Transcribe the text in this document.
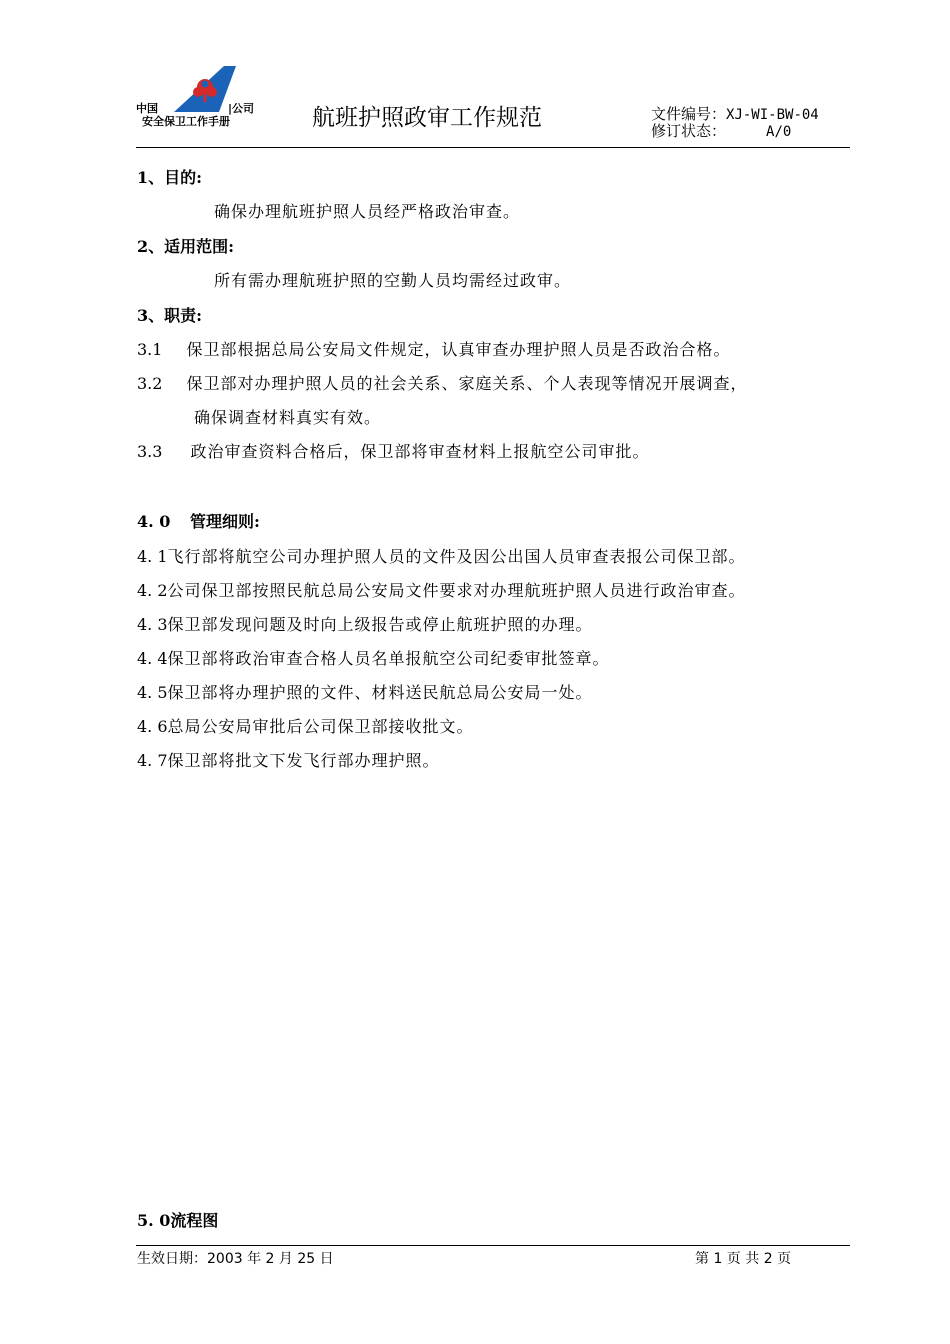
中国	|公司
安全保卫工作手册	航班护照政审工作规范	文件编号：XJ-WI-BW-04
修订状态：	A/0
1、目的:
确保办理航班护照人员经严格政治审查。
2、适用范围:
所有需办理航班护照的空勤人员均需经过政审。
3、职责:
3.1 保卫部根据总局公安局文件规定，认真审查办理护照人员是否政治合格。
3.2 保卫部对办理护照人员的社会关系、家庭关系、个人表现等情况开展调查，
确保调查材料真实有效。
3.3 政治审查资料合格后，保卫部将审查材料上报航空公司审批。
4. 0 管理细则:
4. 1飞行部将航空公司办理护照人员的文件及因公出国人员审查表报公司保卫部。
4. 2公司保卫部按照民航总局公安局文件要求对办理航班护照人员进行政治审查。
4. 3保卫部发现问题及时向上级报告或停止航班护照的办理。
4. 4保卫部将政治审查合格人员名单报航空公司纪委审批签章。
4. 5保卫部将办理护照的文件、材料送民航总局公安局一处。
4. 6总局公安局审批后公司保卫部接收批文。
4. 7保卫部将批文下发飞行部办理护照。
5. 0流程图
生效日期：2003 年 2 月 25 日	第 1 页 共 2 页
